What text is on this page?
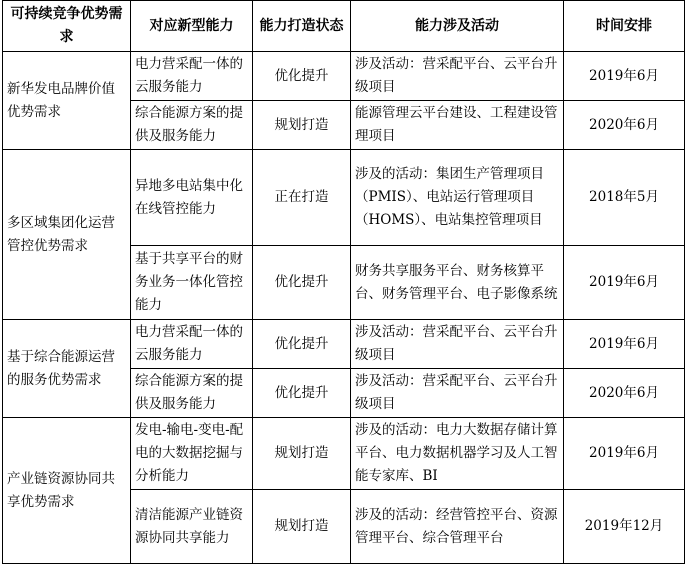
可持续竞争优势需求	对应新型能力	能力打造状态	能力涉及活动	时间安排
新华发电品牌价值优势需求	电力营采配一体的云服务能力	优化提升	涉及活动：营采配平台、云平台升级项目	2019年6月
	综合能源方案的提供及服务能力	规划打造	能源管理云平台建设、工程建设管理项目	2020年6月
多区域集团化运营管控优势需求	异地多电站集中化在线管控能力	正在打造	涉及的活动：集团生产管理项目（PMIS）、电站运行管理项目（HOMS）、电站集控管理项目	2018年5月
	基于共享平台的财务业务一体化管控能力	优化提升	财务共享服务平台、财务核算平台、财务管理平台、电子影像系统	2019年6月
基于综合能源运营的服务优势需求	电力营采配一体的云服务能力	优化提升	涉及活动：营采配平台、云平台升级项目	2019年6月
	综合能源方案的提供及服务能力	优化提升	涉及活动：营采配平台、云平台升级项目	2020年6月
产业链资源协同共享优势需求	发电-输电-变电-配电的大数据挖掘与分析能力	规划打造	涉及的活动：电力大数据存储计算平台、电力数据机器学习及人工智能专家库、BI	2019年6月
	清洁能源产业链资源协同共享能力	规划打造	涉及的活动：经营管控平台、资源管理平台、综合管理平台	2019年12月
